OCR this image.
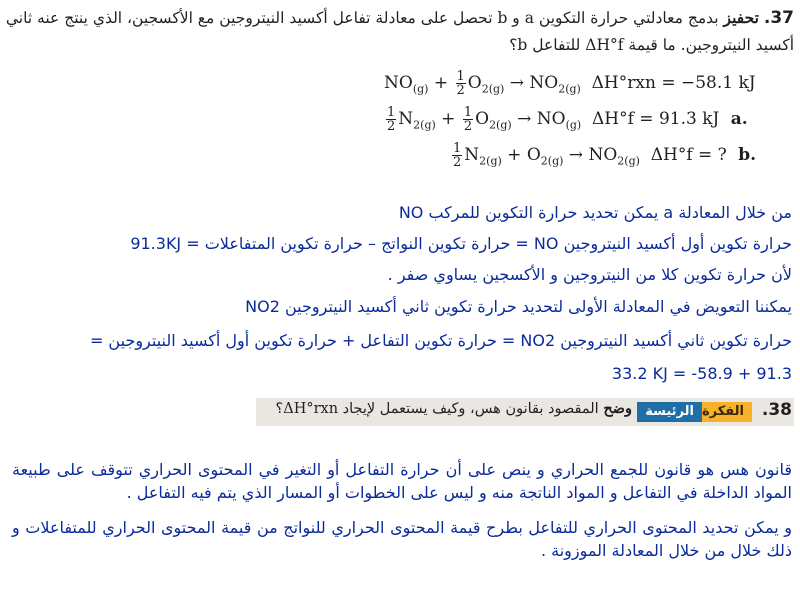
37. تحفيز بدمج معادلتي حرارة التكوين a و b تحصل على معادلة تفاعل أكسيد النيتروجين مع الأكسجين، الذي ينتج عنه ثاني أكسيد النيتروجين. ما قيمة ΔH°f للتفاعل b؟
$NO_{(g)} + \frac{1}{2} O_{2(g)} \to NO_{2(g)}$ ΔH°rxn = −58.1 kJ
$\frac{1}{2} N_{2(g)} + \frac{1}{2} O_{2(g)} \to NO_{(g)}$ ΔH°f = 91.3 kJ a.
$\frac{1}{2} N_{2(g)} + O_{2(g)} \to NO_{2(g)}$ ΔH°f = ? b.
من خلال المعادلة a يمكن تحديد حرارة التكوين للمركب NO
حرارة تكوين أول أكسيد النيتروجين NO = حرارة تكوين النواتج – حرارة تكوين المتفاعلات = 91.3KJ
لأن حرارة تكوين كلا من النيتروجين و الأكسجين يساوي صفر .
يمكننا التعويض في المعادلة الأولى لتحديد حرارة تكوين ثاني أكسيد النيتروجين NO2
حرارة تكوين ثاني أكسيد النيتروجين NO2 = حرارة تكوين التفاعل + حرارة تكوين أول أكسيد النيتروجين =
33.2 KJ = -58.9 + 91.3
.38
الفكرة
الرئيسة
وضح المقصود بقانون هس، وكيف يستعمل لإيجاد ΔH°rxn؟
قانون هس هو قانون للجمع الحراري و ينص على أن حرارة التفاعل أو التغير في المحتوى الحراري تتوقف على طبيعة المواد الداخلة في التفاعل و المواد الناتجة منه و ليس على الخطوات أو المسار الذي يتم فيه التفاعل .
و يمكن تحديد المحتوى الحراري للتفاعل بطرح قيمة المحتوى الحراري للنواتج من قيمة المحتوى الحراري للمتفاعلات و ذلك خلال من خلال المعادلة الموزونة .
